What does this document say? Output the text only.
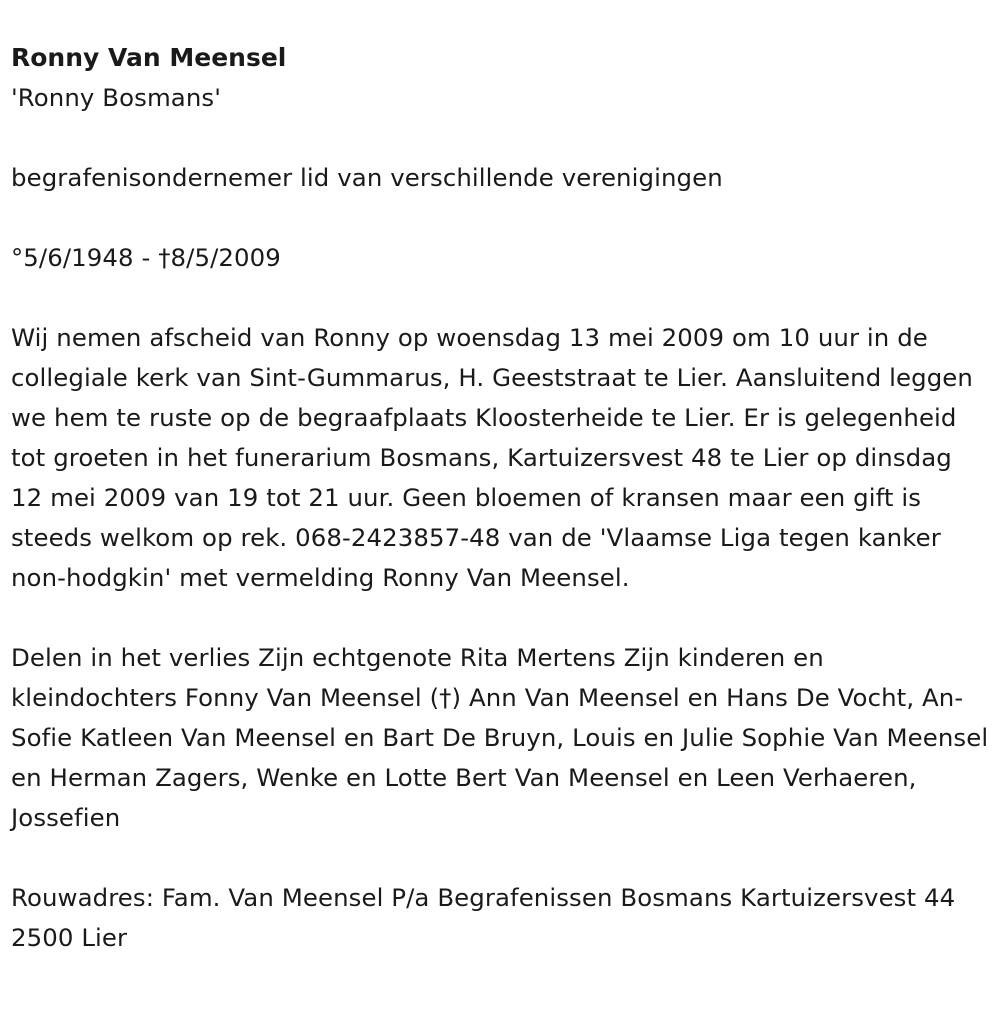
Ronny Van Meensel

'Ronny Bosmans'

begrafenisondernemer lid van verschillende verenigingen

°5/6/1948 - †8/5/2009

Wij nemen afscheid van Ronny op woensdag 13 mei 2009 om 10 uur in de collegiale kerk van Sint-Gummarus, H. Geeststraat te Lier. Aansluitend leggen we hem te ruste op de begraafplaats Kloosterheide te Lier. Er is gelegenheid tot groeten in het funerarium Bosmans, Kartuizersvest 48 te Lier op dinsdag 12 mei 2009 van 19 tot 21 uur. Geen bloemen of kransen maar een gift is steeds welkom op rek. 068-2423857-48 van de 'Vlaamse Liga tegen kanker non-hodgkin' met vermelding Ronny Van Meensel.

Delen in het verlies Zijn echtgenote Rita Mertens Zijn kinderen en kleindochters Fonny Van Meensel (†) Ann Van Meensel en Hans De Vocht, An-Sofie Katleen Van Meensel en Bart De Bruyn, Louis en Julie Sophie Van Meensel en Herman Zagers, Wenke en Lotte Bert Van Meensel en Leen Verhaeren, Jossefien

Rouwadres: Fam. Van Meensel P/a Begrafenissen Bosmans Kartuizersvest 44 2500 Lier
